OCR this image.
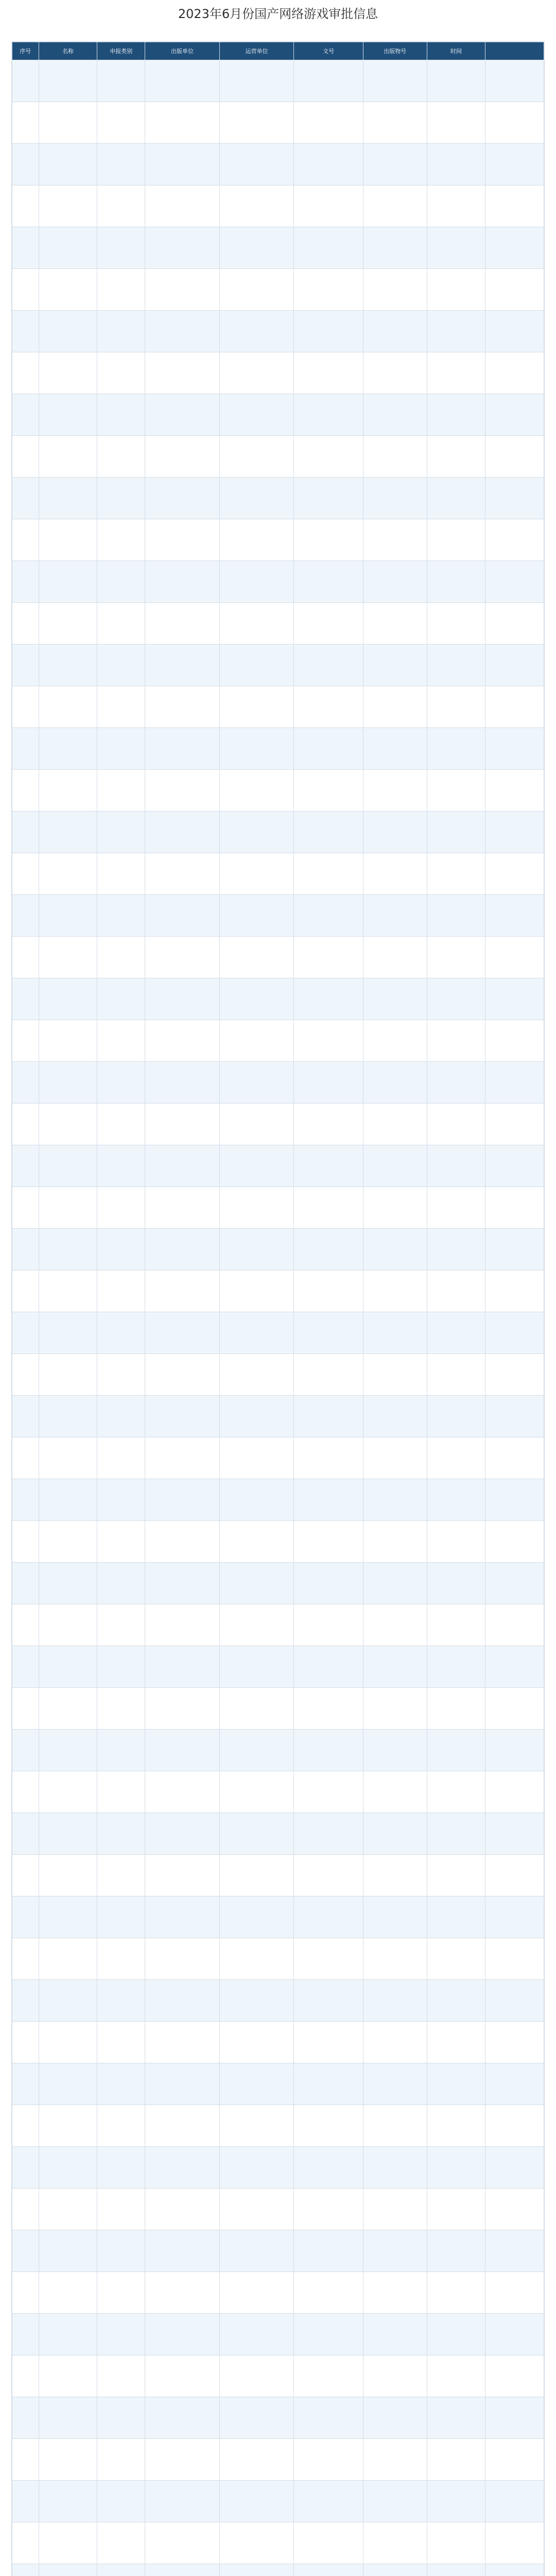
2023年6月份国产网络游戏审批信息
序号	名称	申报类别	出版单位	运营单位	文号	出版物号	时间	
